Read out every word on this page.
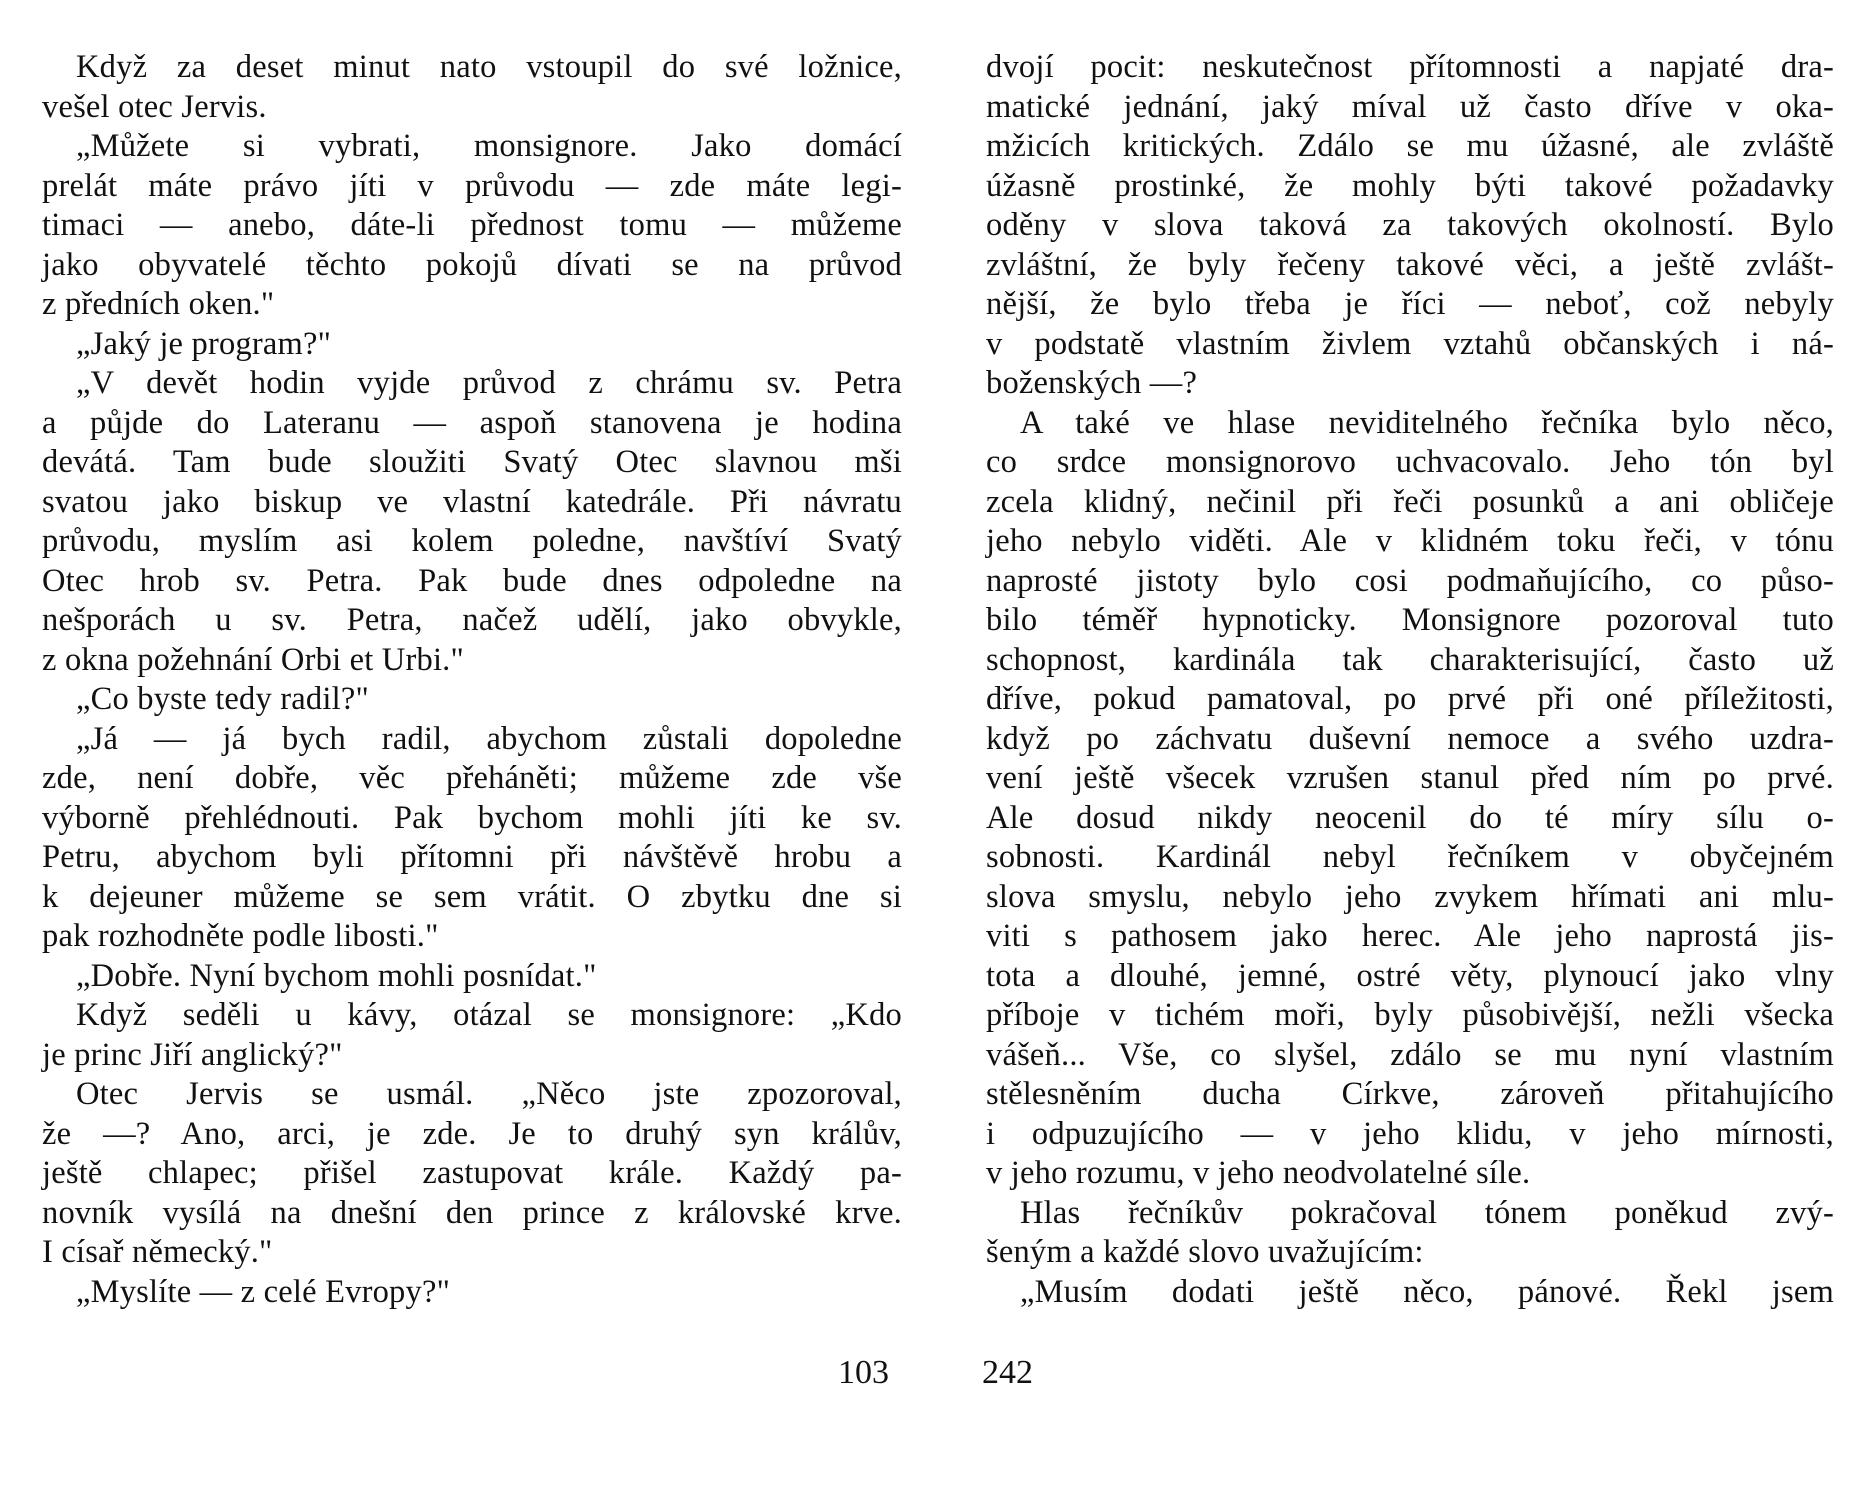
Když za deset minut nato vstoupil do své ložnice,
vešel otec Jervis.
„Můžete si vybrati, monsignore. Jako domácí
prelát máte právo jíti v průvodu — zde máte legi-
timaci — anebo, dáte-li přednost tomu — můžeme
jako obyvatelé těchto pokojů dívati se na průvod
z předních oken."
„Jaký je program?"
„V devět hodin vyjde průvod z chrámu sv. Petra
a půjde do Lateranu — aspoň stanovena je hodina
devátá. Tam bude sloužiti Svatý Otec slavnou mši
svatou jako biskup ve vlastní katedrále. Při návratu
průvodu, myslím asi kolem poledne, navštíví Svatý
Otec hrob sv. Petra. Pak bude dnes odpoledne na
nešporách u sv. Petra, načež udělí, jako obvykle,
z okna požehnání Orbi et Urbi."
„Co byste tedy radil?"
„Já — já bych radil, abychom zůstali dopoledne
zde, není dobře, věc přeháněti; můžeme zde vše
výborně přehlédnouti. Pak bychom mohli jíti ke sv.
Petru, abychom byli přítomni při návštěvě hrobu a
k dejeuner můžeme se sem vrátit. O zbytku dne si
pak rozhodněte podle libosti."
„Dobře. Nyní bychom mohli posnídat."
Když seděli u kávy, otázal se monsignore: „Kdo
je princ Jiří anglický?"
Otec Jervis se usmál. „Něco jste zpozoroval,
že —? Ano, arci, je zde. Je to druhý syn králův,
ještě chlapec; přišel zastupovat krále. Každý pa-
novník vysílá na dnešní den prince z královské krve.
I císař německý."
„Myslíte — z celé Evropy?"
dvojí pocit: neskutečnost přítomnosti a napjaté dra-
matické jednání, jaký míval už často dříve v oka-
mžicích kritických. Zdálo se mu úžasné, ale zvláště
úžasně prostinké, že mohly býti takové požadavky
oděny v slova taková za takových okolností. Bylo
zvláštní, že byly řečeny takové věci, a ještě zvlášt-
nější, že bylo třeba je říci — neboť, což nebyly
v podstatě vlastním živlem vztahů občanských i ná-
boženských —?
A také ve hlase neviditelného řečníka bylo něco,
co srdce monsignorovo uchvacovalo. Jeho tón byl
zcela klidný, nečinil při řeči posunků a ani obličeje
jeho nebylo viděti. Ale v klidném toku řeči, v tónu
naprosté jistoty bylo cosi podmaňujícího, co půso-
bilo téměř hypnoticky. Monsignore pozoroval tuto
schopnost, kardinála tak charakterisující, často už
dříve, pokud pamatoval, po prvé při oné příležitosti,
když po záchvatu duševní nemoce a svého uzdra-
vení ještě všecek vzrušen stanul před ním po prvé.
Ale dosud nikdy neocenil do té míry sílu o-
sobnosti. Kardinál nebyl řečníkem v obyčejném
slova smyslu, nebylo jeho zvykem hřímati ani mlu-
viti s pathosem jako herec. Ale jeho naprostá jis-
tota a dlouhé, jemné, ostré věty, plynoucí jako vlny
příboje v tichém moři, byly působivější, nežli všecka
vášeň... Vše, co slyšel, zdálo se mu nyní vlastním
stělesněním ducha Církve, zároveň přitahujícího
i odpuzujícího — v jeho klidu, v jeho mírnosti,
v jeho rozumu, v jeho neodvolatelné síle.
Hlas řečníkův pokračoval tónem poněkud zvý-
šeným a každé slovo uvažujícím:
„Musím dodati ještě něco, pánové. Řekl jsem
103	242
